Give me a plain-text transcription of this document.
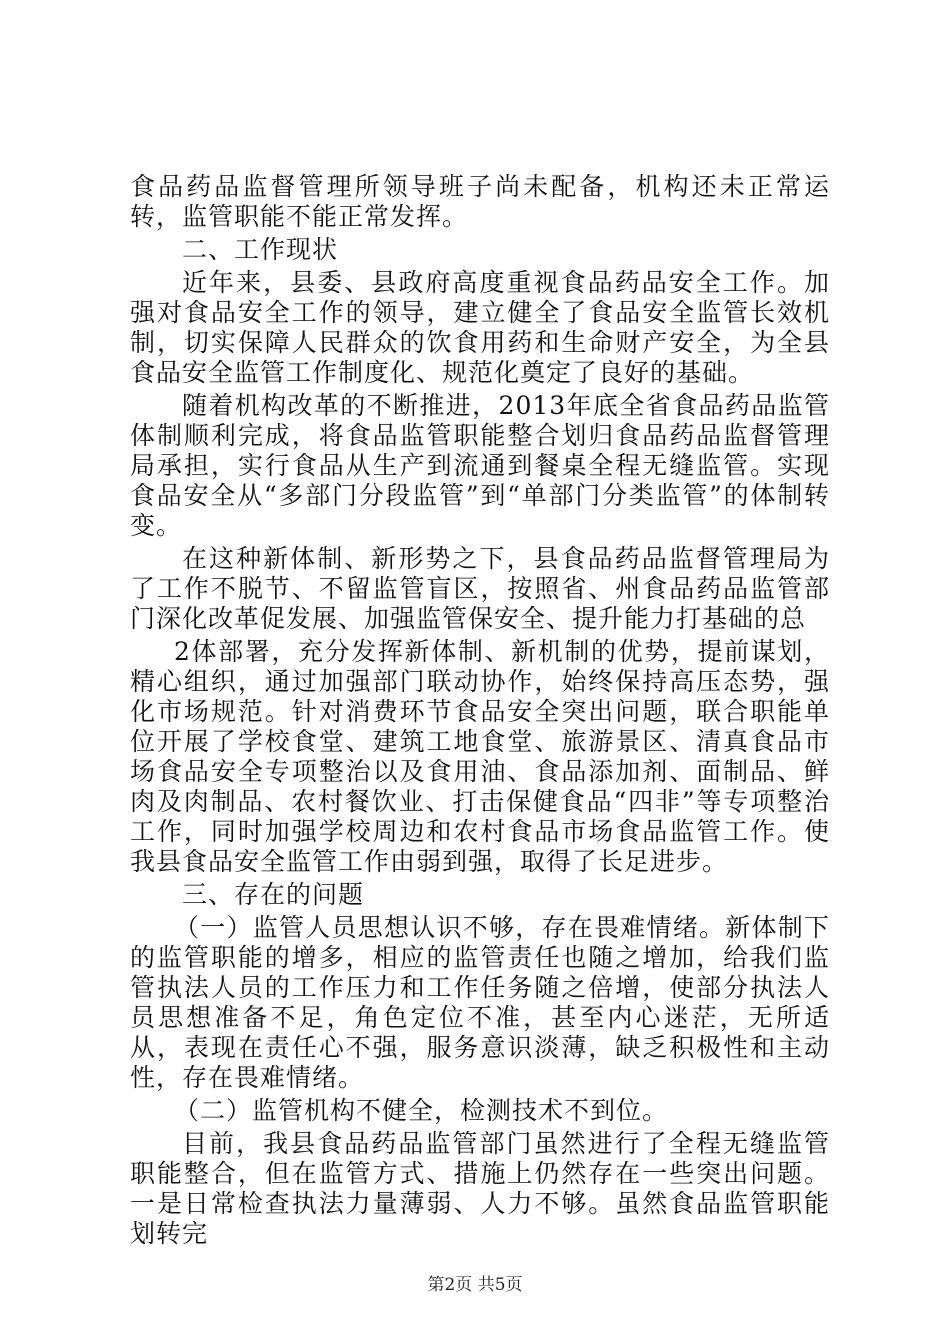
食品药品监督管理所领导班子尚未配备，机构还未正常运转，监管职能不能正常发挥。

二、工作现状

近年来，县委、县政府高度重视食品药品安全工作。加强对食品安全工作的领导，建立健全了食品安全监管长效机制，切实保障人民群众的饮食用药和生命财产安全，为全县食品安全监管工作制度化、规范化奠定了良好的基础。

随着机构改革的不断推进，2013年底全省食品药品监管体制顺利完成，将食品监管职能整合划归食品药品监督管理局承担，实行食品从生产到流通到餐桌全程无缝监管。实现食品安全从“多部门分段监管”到“单部门分类监管”的体制转变。

在这种新体制、新形势之下，县食品药品监督管理局为了工作不脱节、不留监管盲区，按照省、州食品药品监管部门深化改革促发展、加强监管保安全、提升能力打基础的总

2体部署，充分发挥新体制、新机制的优势，提前谋划，精心组织，通过加强部门联动协作，始终保持高压态势，强化市场规范。针对消费环节食品安全突出问题，联合职能单位开展了学校食堂、建筑工地食堂、旅游景区、清真食品市场食品安全专项整治以及食用油、食品添加剂、面制品、鲜肉及肉制品、农村餐饮业、打击保健食品“四非”等专项整治工作，同时加强学校周边和农村食品市场食品监管工作。使我县食品安全监管工作由弱到强，取得了长足进步。

三、存在的问题

（一）监管人员思想认识不够，存在畏难情绪。新体制下的监管职能的增多，相应的监管责任也随之增加，给我们监管执法人员的工作压力和工作任务随之倍增，使部分执法人员思想准备不足，角色定位不准，甚至内心迷茫，无所适从，表现在责任心不强，服务意识淡薄，缺乏积极性和主动性，存在畏难情绪。

（二）监管机构不健全，检测技术不到位。

目前，我县食品药品监管部门虽然进行了全程无缝监管职能整合，但在监管方式、措施上仍然存在一些突出问题。一是日常检查执法力量薄弱、人力不够。虽然食品监管职能划转完

第2页 共5页
